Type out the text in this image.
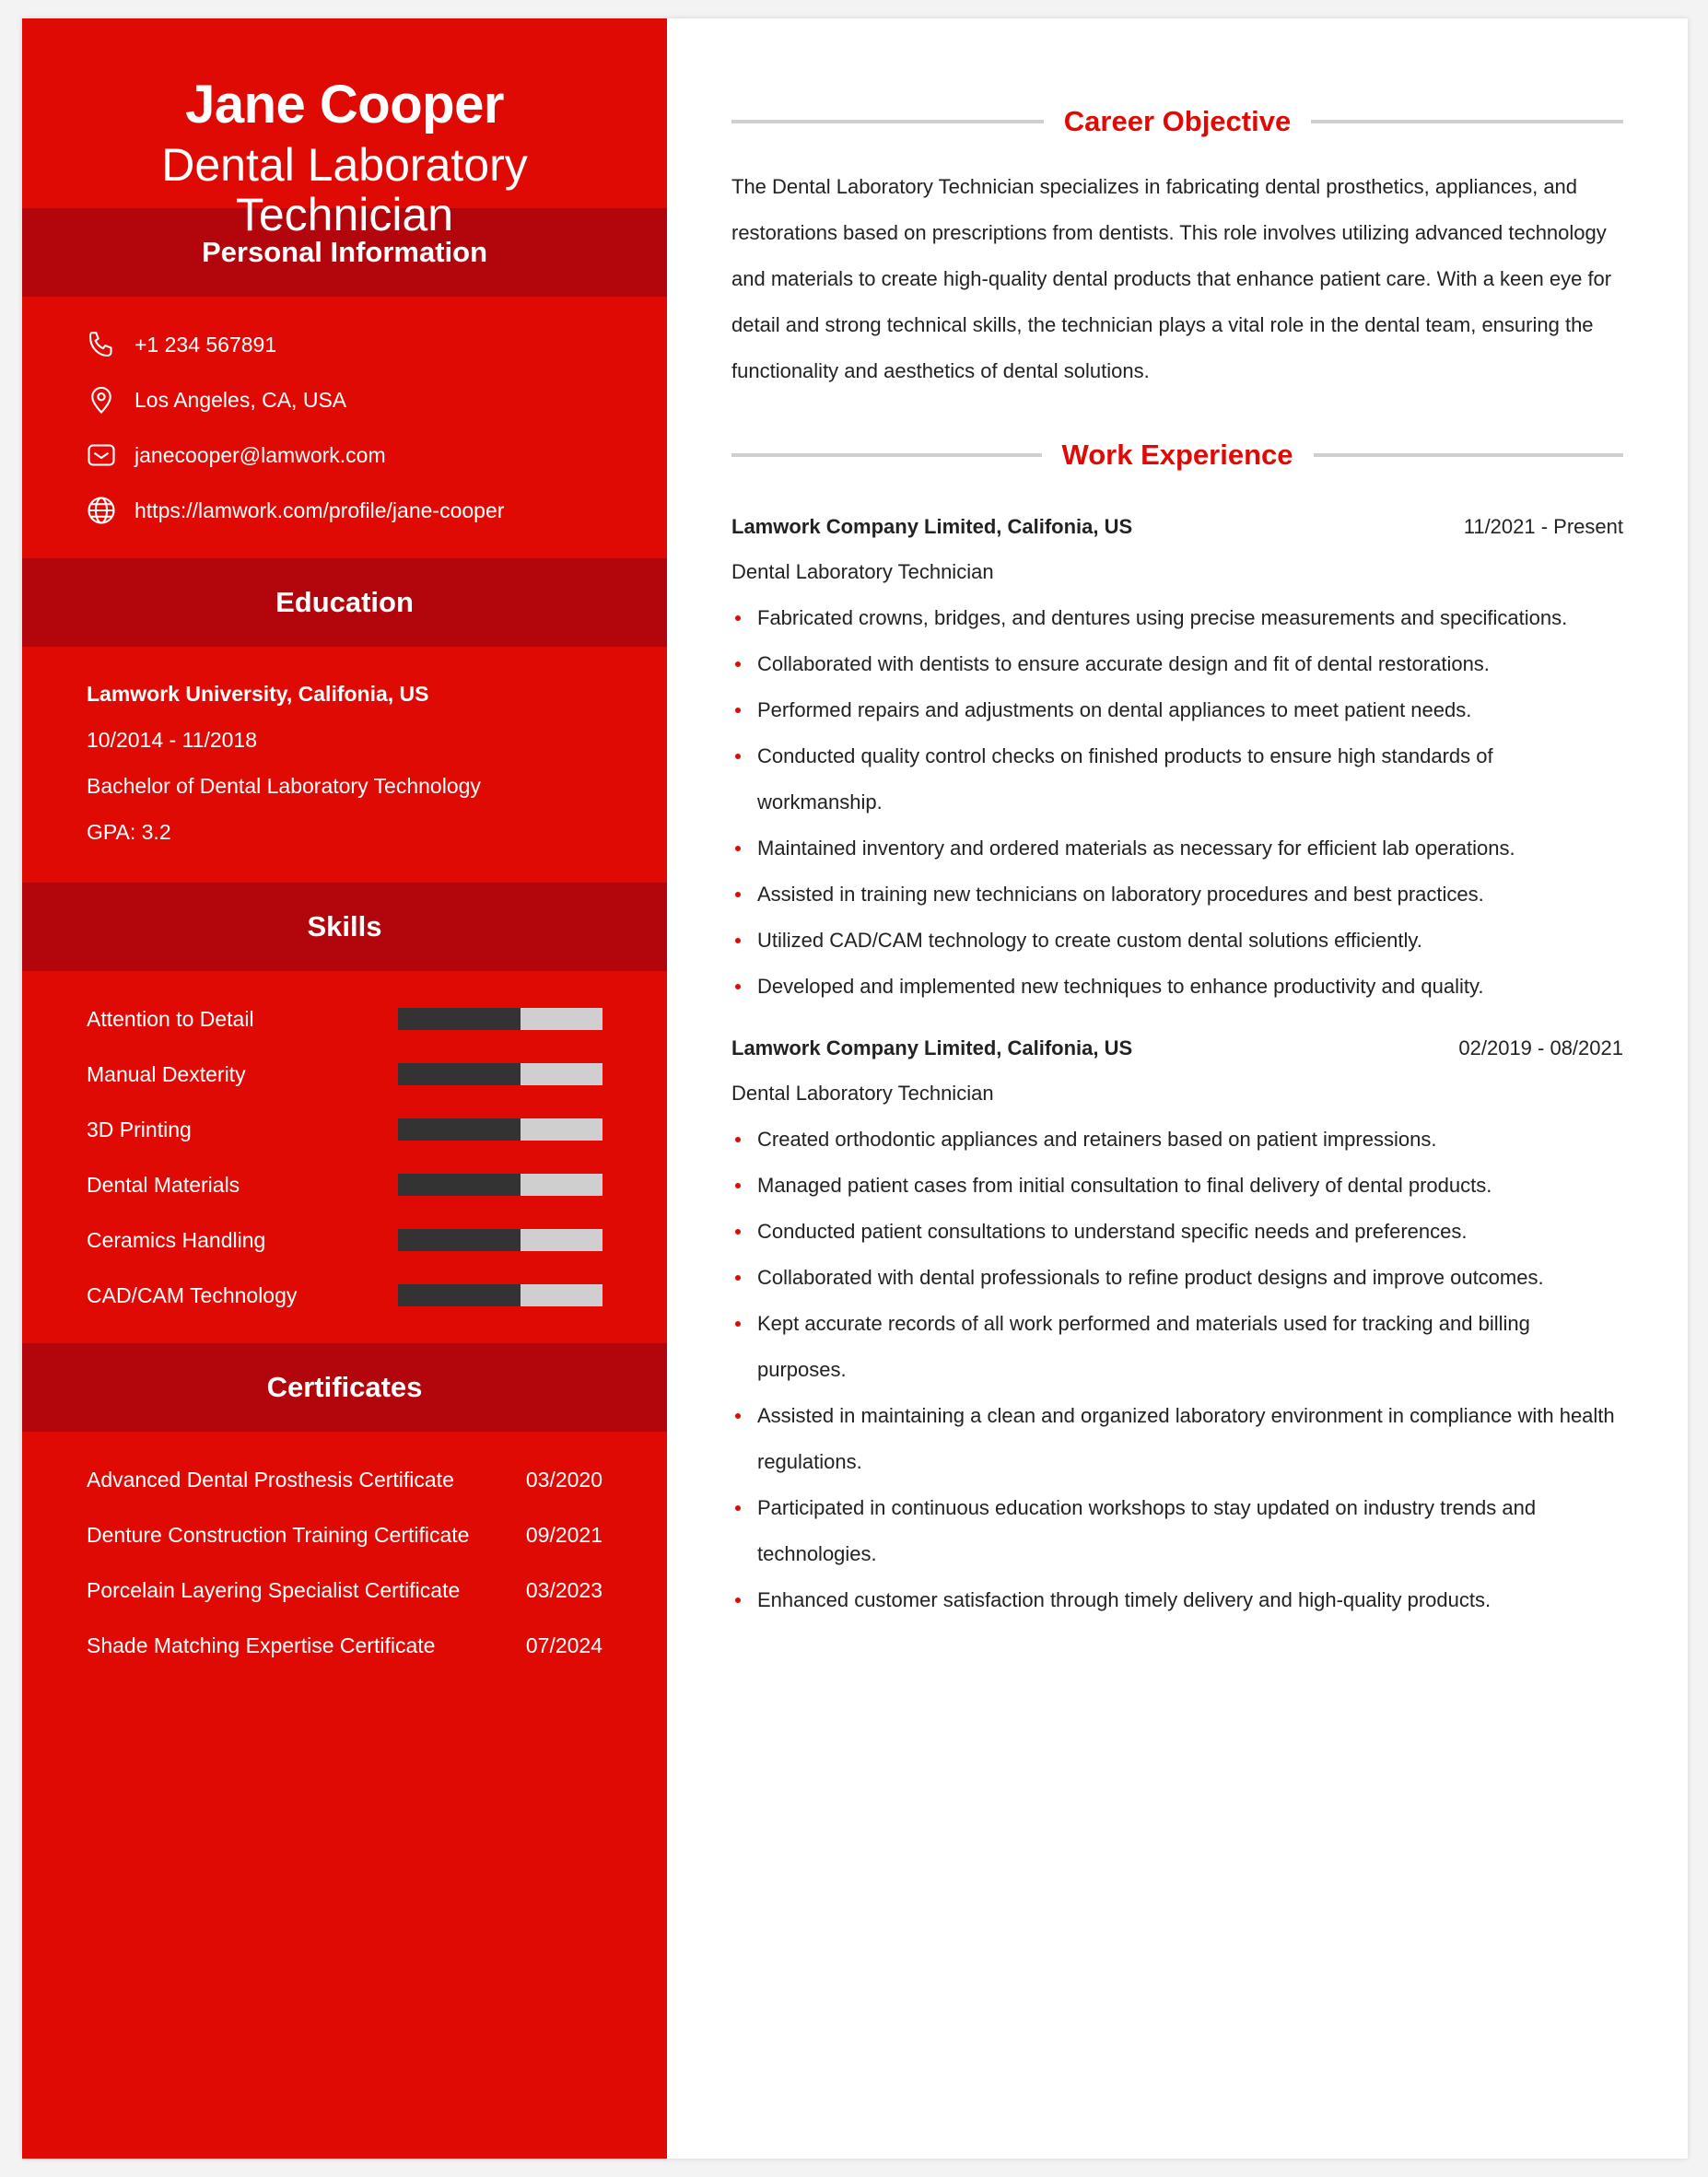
Jane Cooper
Dental Laboratory
Personal Information
+1 234 567891
Los Angeles, CA, USA
janecooper@lamwork.com
https://lamwork.com/profile/jane-cooper
Education
Lamwork University, Califonia, US
10/2014 - 11/2018
Bachelor of Dental Laboratory Technology
GPA: 3.2
Skills
Attention to Detail
Manual Dexterity
3D Printing
Dental Materials
Ceramics Handling
CAD/CAM Technology
Certificates
Advanced Dental Prosthesis Certificate	03/2020
Denture Construction Training Certificate	09/2021
Porcelain Layering Specialist Certificate	03/2023
Shade Matching Expertise Certificate	07/2024
Career Objective

The Dental Laboratory Technician specializes in fabricating dental prosthetics, appliances, and restorations based on prescriptions from dentists. This role involves utilizing advanced technology and materials to create high-quality dental products that enhance patient care. With a keen eye for detail and strong technical skills, the technician plays a vital role in the dental team, ensuring the functionality and aesthetics of dental solutions.

Work Experience
Lamwork Company Limited, Califonia, US	11/2021 - Present
Dental Laboratory Technician
Fabricated crowns, bridges, and dentures using precise measurements and specifications.
Collaborated with dentists to ensure accurate design and fit of dental restorations.
Performed repairs and adjustments on dental appliances to meet patient needs.
Conducted quality control checks on finished products to ensure high standards of workmanship.
Maintained inventory and ordered materials as necessary for efficient lab operations.
Assisted in training new technicians on laboratory procedures and best practices.
Utilized CAD/CAM technology to create custom dental solutions efficiently.
Developed and implemented new techniques to enhance productivity and quality.
Lamwork Company Limited, Califonia, US	02/2019 - 08/2021
Dental Laboratory Technician
Created orthodontic appliances and retainers based on patient impressions.
Managed patient cases from initial consultation to final delivery of dental products.
Conducted patient consultations to understand specific needs and preferences.
Collaborated with dental professionals to refine product designs and improve outcomes.
Kept accurate records of all work performed and materials used for tracking and billing purposes.
Assisted in maintaining a clean and organized laboratory environment in compliance with health regulations.
Participated in continuous education workshops to stay updated on industry trends and technologies.
Enhanced customer satisfaction through timely delivery and high-quality products.
